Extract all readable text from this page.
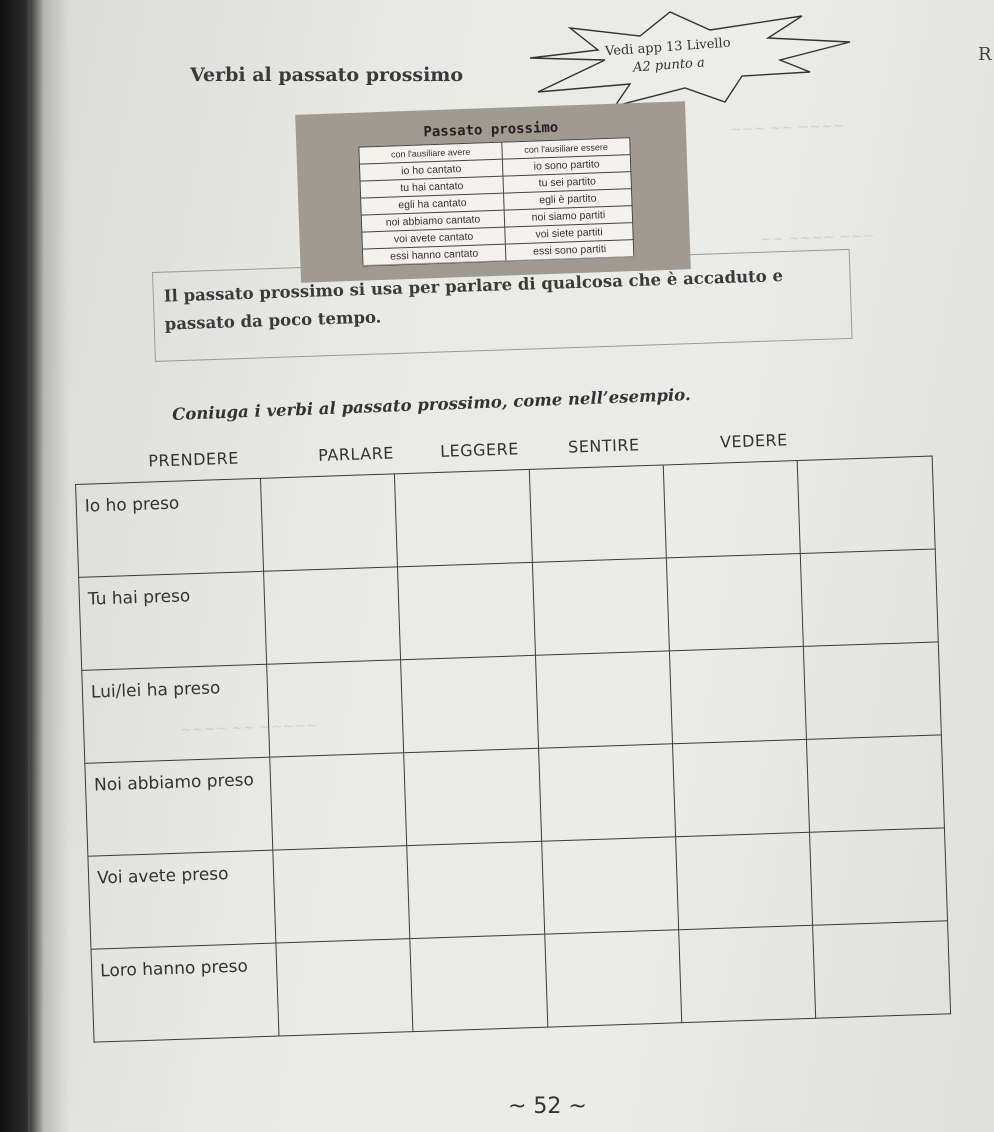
~~~ ~~ ~~~~
~~ ~~~~ ~~~
~~~~ ~~ ~~~~~
Verbi al passato prossimo
Vedi app 13 Livello
A2 punto a
R
Passato prossimo
con l'ausiliare avere	con l'ausiliare essere
io ho cantato	io sono partito
tu hai cantato	tu sei partito
egli ha cantato	egli è partito
noi abbiamo cantato	noi siamo partiti
voi avete cantato	voi siete partiti
essi hanno cantato	essi sono partiti
Il passato prossimo si usa per parlare di qualcosa che è accaduto e passato da poco tempo.
Coniuga i verbi al passato prossimo, come nell’esempio.
PRENDERE	PARLARE	LEGGERE	SENTIRE	VEDERE
Io ho preso					
Tu hai preso					
Lui/lei ha preso					
Noi abbiamo preso					
Voi avete preso					
Loro hanno preso					
~ 52 ~
